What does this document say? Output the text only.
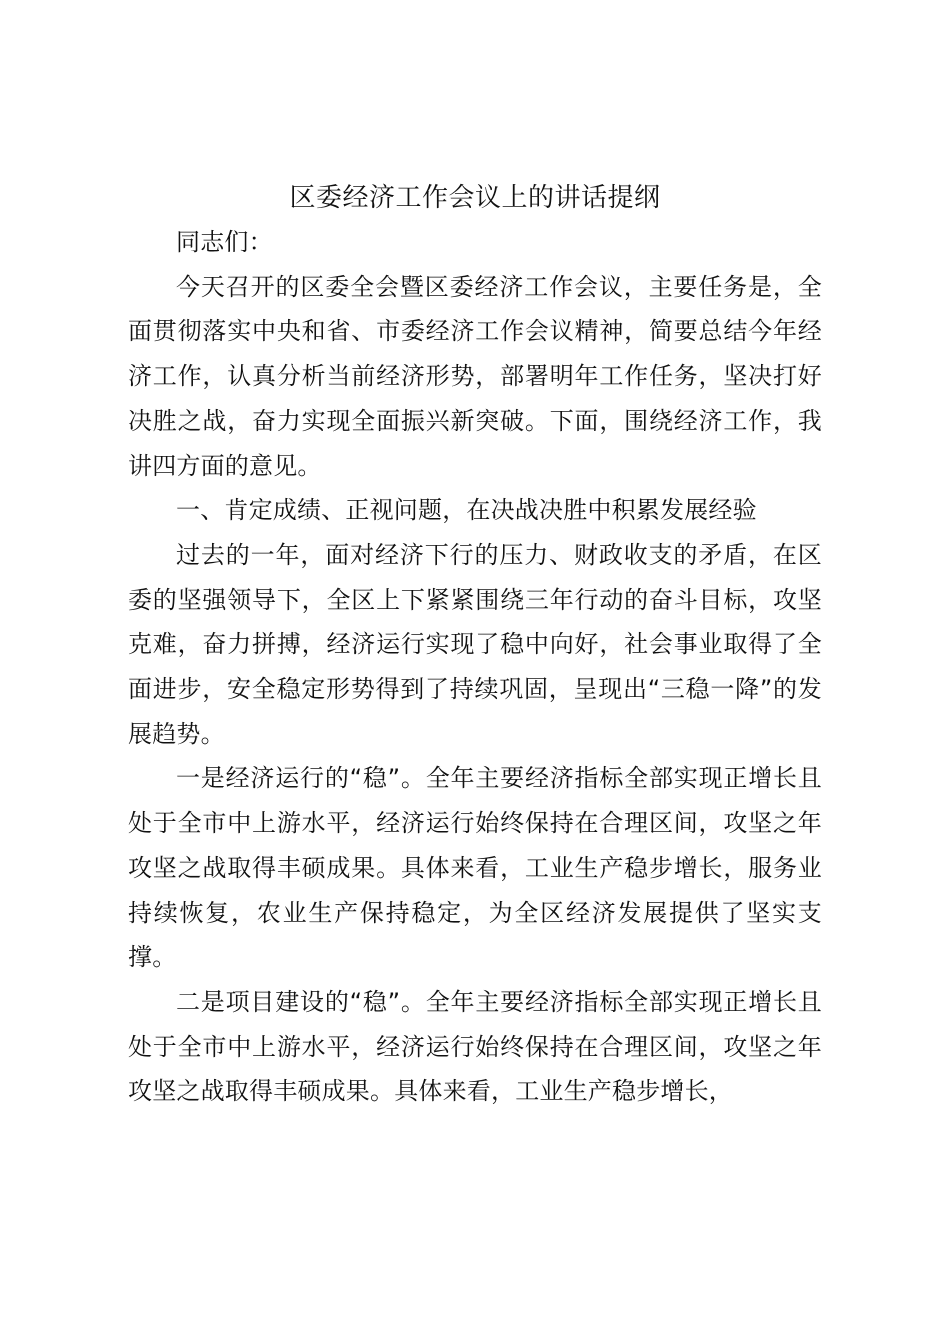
区委经济工作会议上的讲话提纲

同志们：

今天召开的区委全会暨区委经济工作会议，主要任务是，全面贯彻落实中央和省、市委经济工作会议精神，简要总结今年经济工作，认真分析当前经济形势，部署明年工作任务，坚决打好决胜之战，奋力实现全面振兴新突破。下面，围绕经济工作，我讲四方面的意见。

一、肯定成绩、正视问题，在决战决胜中积累发展经验

过去的一年，面对经济下行的压力、财政收支的矛盾，在区委的坚强领导下，全区上下紧紧围绕三年行动的奋斗目标，攻坚克难，奋力拼搏，经济运行实现了稳中向好，社会事业取得了全面进步，安全稳定形势得到了持续巩固，呈现出“三稳一降”的发展趋势。

一是经济运行的“稳”。全年主要经济指标全部实现正增长且处于全市中上游水平，经济运行始终保持在合理区间，攻坚之年攻坚之战取得丰硕成果。具体来看，工业生产稳步增长，服务业持续恢复，农业生产保持稳定，为全区经济发展提供了坚实支撑。

二是项目建设的“稳”。全年主要经济指标全部实现正增长且处于全市中上游水平，经济运行始终保持在合理区间，攻坚之年攻坚之战取得丰硕成果。具体来看，工业生产稳步增长，
